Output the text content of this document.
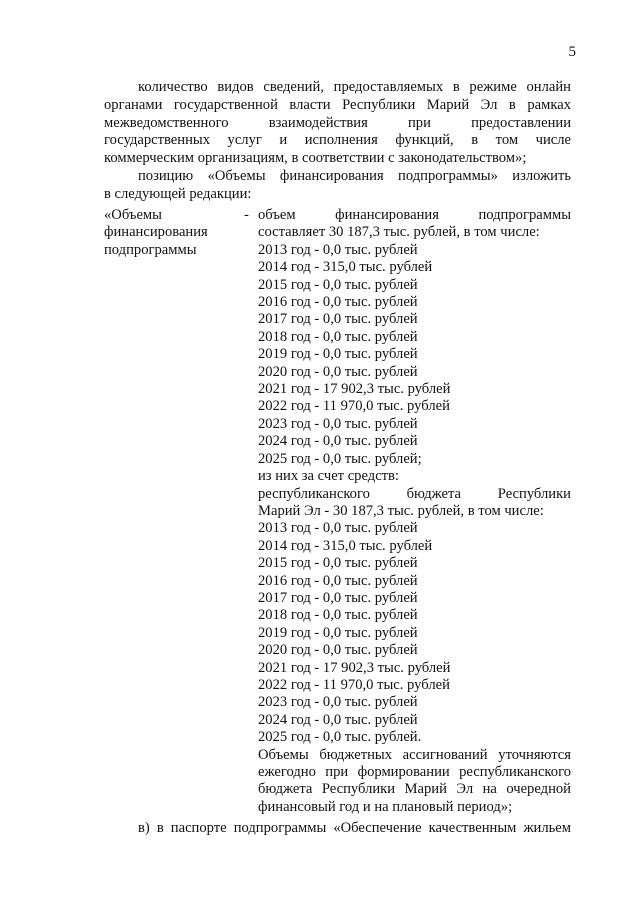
5

количество видов сведений, предоставляемых в режиме онлайн
органами государственной власти Республики Марий Эл в рамках
межведомственного взаимодействия при предоставлении
государственных услуг и исполнения функций, в том числе
коммерческим организациям, в соответствии с законодательством»;

позицию «Объемы финансирования подпрограммы» изложить
в следующей редакции:

«Объемы
финансирования
подпрограммы
- объем финансирования подпрограммы
составляет 30 187,3 тыс. рублей, в том числе:
2013 год - 0,0 тыс. рублей
2014 год - 315,0 тыс. рублей
2015 год - 0,0 тыс. рублей
2016 год - 0,0 тыс. рублей
2017 год - 0,0 тыс. рублей
2018 год - 0,0 тыс. рублей
2019 год - 0,0 тыс. рублей
2020 год - 0,0 тыс. рублей
2021 год - 17 902,3 тыс. рублей
2022 год - 11 970,0 тыс. рублей
2023 год - 0,0 тыс. рублей
2024 год - 0,0 тыс. рублей
2025 год - 0,0 тыс. рублей;
из них за счет средств:
республиканского бюджета Республики
Марий Эл - 30 187,3 тыс. рублей, в том числе:
2013 год - 0,0 тыс. рублей
2014 год - 315,0 тыс. рублей
2015 год - 0,0 тыс. рублей
2016 год - 0,0 тыс. рублей
2017 год - 0,0 тыс. рублей
2018 год - 0,0 тыс. рублей
2019 год - 0,0 тыс. рублей
2020 год - 0,0 тыс. рублей
2021 год - 17 902,3 тыс. рублей
2022 год - 11 970,0 тыс. рублей
2023 год - 0,0 тыс. рублей
2024 год - 0,0 тыс. рублей
2025 год - 0,0 тыс. рублей.
Объемы бюджетных ассигнований уточняются
ежегодно при формировании республиканского
бюджета Республики Марий Эл на очередной
финансовый год и на плановый период»;
в) в паспорте подпрограммы «Обеспечение качественным жильем
